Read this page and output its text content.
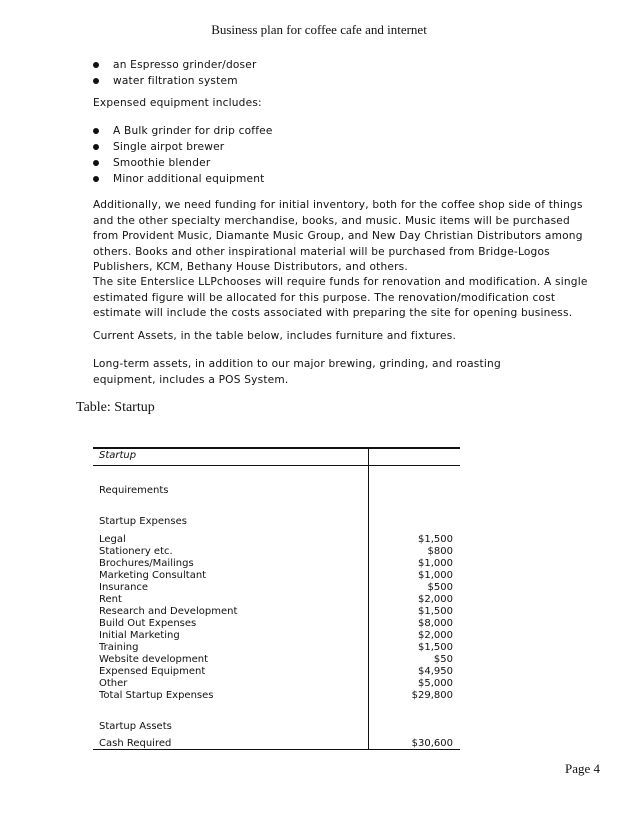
Business plan for coffee cafe and internet
an Espresso grinder/doser
water filtration system

Expensed equipment includes:

A Bulk grinder for drip coffee
Single airpot brewer
Smoothie blender
Minor additional equipment

Additionally, we need funding for initial inventory, both for the coffee shop side of things and the other specialty merchandise, books, and music. Music items will be purchased from Provident Music, Diamante Music Group, and New Day Christian Distributors among others. Books and other inspirational material will be purchased from Bridge-Logos Publishers, KCM, Bethany House Distributors, and others.

The site Enterslice LLPchooses will require funds for renovation and modification. A single estimated figure will be allocated for this purpose. The renovation/modification cost estimate will include the costs associated with preparing the site for opening business.

Current Assets, in the table below, includes furniture and fixtures.

Long-term assets, in addition to our major brewing, grinding, and roasting equipment, includes a POS System.

Table: Startup
Startup
Requirements
Startup Expenses
Legal	$1,500
Stationery etc.	$800
Brochures/Mailings	$1,000
Marketing Consultant	$1,000
Insurance	$500
Rent	$2,000
Research and Development	$1,500
Build Out Expenses	$8,000
Initial Marketing	$2,000
Training	$1,500
Website development	$50
Expensed Equipment	$4,950
Other	$5,000
Total Startup Expenses	$29,800
Startup Assets
Cash Required	$30,600
Page 4
